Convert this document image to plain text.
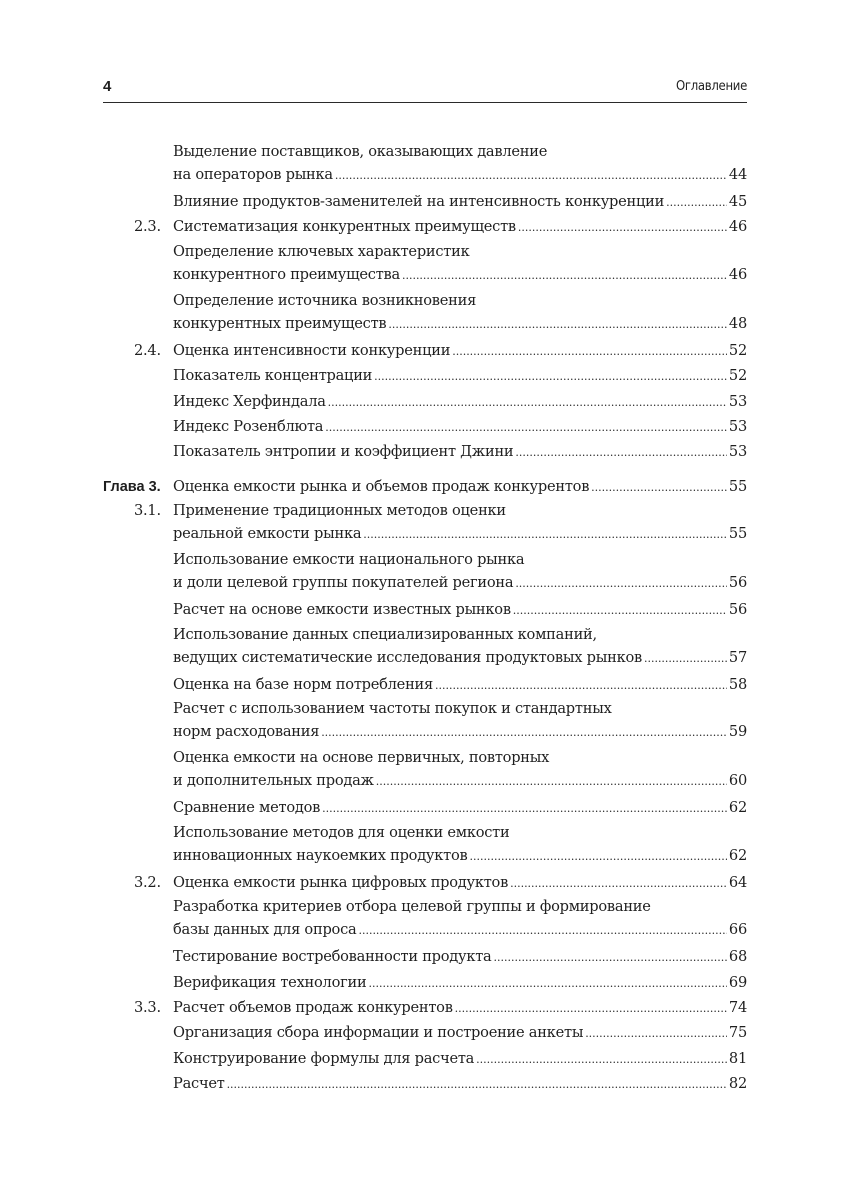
4	Оглавление
Выделение поставщиков, оказывающих давление
на операторов рынка .....	44
Влияние продуктов-заменителей на интенсивность конкуренции .....	45
2.3. Систематизация конкурентных преимуществ .....	46
Определение ключевых характеристик
конкурентного преимущества .....	46
Определение источника возникновения
конкурентных преимуществ .....	48
2.4. Оценка интенсивности конкуренции .....	52
Показатель концентрации .....	52
Индекс Херфиндала .....	53
Индекс Розенблюта .....	53
Показатель энтропии и коэффициент Джини .....	53
Глава 3. Оценка емкости рынка и объемов продаж конкурентов .....	55
3.1. Применение традиционных методов оценки
реальной емкости рынка .....	55
Использование емкости национального рынка
и доли целевой группы покупателей региона .....	56
Расчет на основе емкости известных рынков .....	56
Использование данных специализированных компаний,
ведущих систематические исследования продуктовых рынков .....	57
Оценка на базе норм потребления .....	58
Расчет с использованием частоты покупок и стандартных
норм расходования .....	59
Оценка емкости на основе первичных, повторных
и дополнительных продаж .....	60
Сравнение методов .....	62
Использование методов для оценки емкости
инновационных наукоемких продуктов .....	62
3.2. Оценка емкости рынка цифровых продуктов .....	64
Разработка критериев отбора целевой группы и формирование
базы данных для опроса .....	66
Тестирование востребованности продукта .....	68
Верификация технологии .....	69
3.3. Расчет объемов продаж конкурентов .....	74
Организация сбора информации и построение анкеты .....	75
Конструирование формулы для расчета .....	81
Расчет .....	82
